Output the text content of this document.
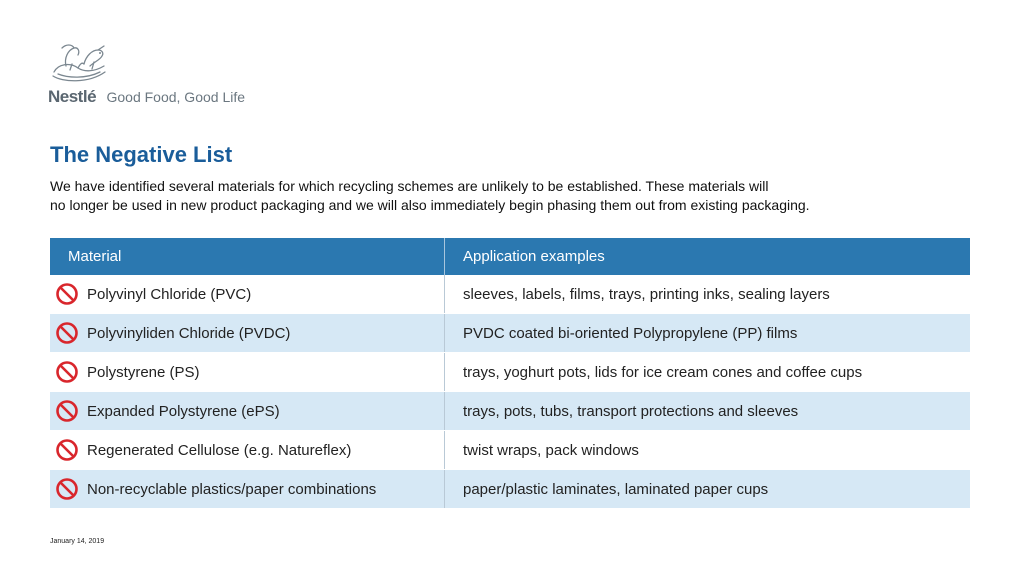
Nestlé Good Food, Good Life
The Negative List
We have identified several materials for which recycling schemes are unlikely to be established. These materials will
no longer be used in new product packaging and we will also immediately begin phasing them out from existing packaging.
Material	Application examples

Polyvinyl Chloride (PVC)	sleeves, labels, films, trays, printing inks, sealing layers

Polyvinyliden Chloride (PVDC)	PVDC coated bi-oriented Polypropylene (PP) films

Polystyrene (PS)	trays, yoghurt pots, lids for ice cream cones and coffee cups

Expanded Polystyrene (ePS)	trays, pots, tubs, transport protections and sleeves

Regenerated Cellulose (e.g. Natureflex)	twist wraps, pack windows

Non-recyclable plastics/paper combinations	paper/plastic laminates, laminated paper cups
January 14, 2019
